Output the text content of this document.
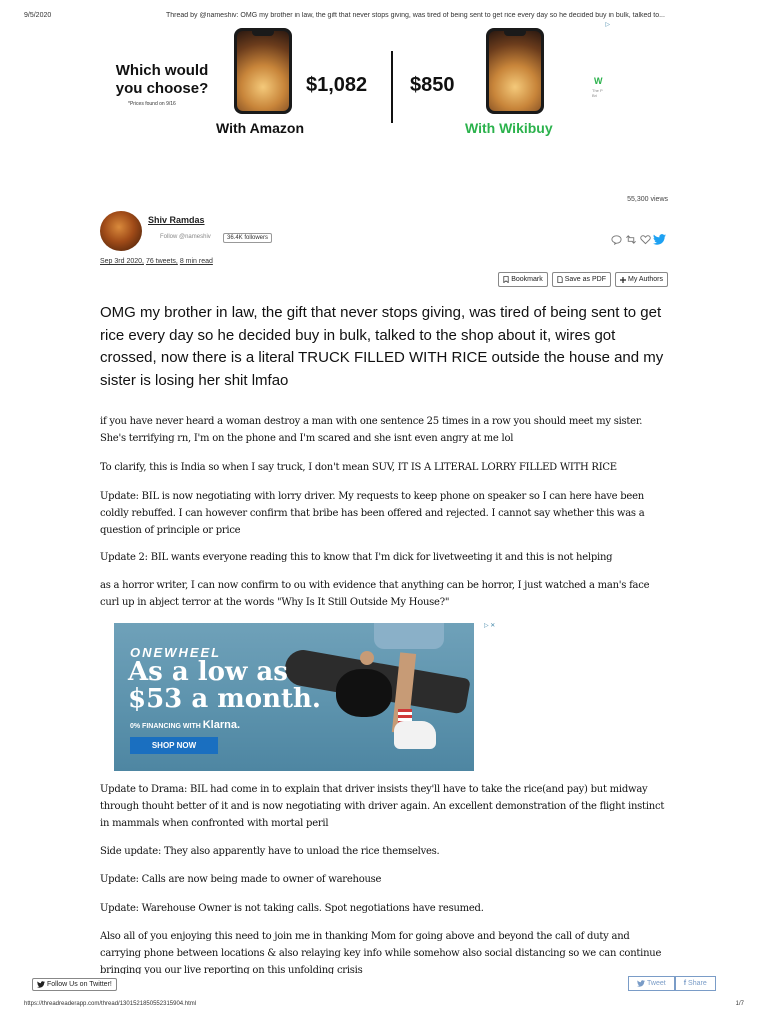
9/5/2020	Thread by @nameshiv: OMG my brother in law, the gift that never stops giving, was tired of being sent to get rice every day so he decided buy in bulk, talked to...
Which would you choose?
*Prices found on 9/16
$1,082 $850
With Amazon	With Wikibuy
W
The P Bri
▷
55,300 views
Shiv Ramdas
Follow @nameshiv	36.4K followers
Sep 3rd 2020, 76 tweets, 8 min read
Bookmark	Save as PDF	My Authors
OMG my brother in law, the gift that never stops giving, was tired of being sent to get rice every day so he decided buy in bulk, talked to the shop about it, wires got crossed, now there is a literal TRUCK FILLED WITH RICE outside the house and my sister is losing her shit lmfao

if you have never heard a woman destroy a man with one sentence 25 times in a row you should meet my sister. She's terrifying rn, I'm on the phone and I'm scared and she isnt even angry at me lol

To clarify, this is India so when I say truck, I don't mean SUV, IT IS A LITERAL LORRY FILLED WITH RICE

Update: BIL is now negotiating with lorry driver. My requests to keep phone on speaker so I can here have been coldly rebuffed. I can however confirm that bribe has been offered and rejected. I cannot say whether this was a question of principle or price

Update 2: BIL wants everyone reading this to know that I'm dick for livetweeting it and this is not helping

as a horror writer, I can now confirm to ou with evidence that anything can be horror, I just watched a man's face curl up in abject terror at the words "Why Is It Still Outside My House?"

ONEWHEEL
As a low as
$53 a month.
0% FINANCING WITH Klarna.
SHOP NOW
▷ ✕

Update to Drama: BIL had come in to explain that driver insists they'll have to take the rice(and pay) but midway through thouht better of it and is now negotiating with driver again. An excellent demonstration of the flight instinct in mammals when confronted with mortal peril

Side update: They also apparently have to unload the rice themselves.

Update: Calls are now being made to owner of warehouse

Update: Warehouse Owner is not taking calls. Spot negotiations have resumed.

Also all of you enjoying this need to join me in thanking Mom for going above and beyond the call of duty and carrying phone between locations & also relaying key info while somehow also social distancing so we can continue bringing you our live reporting on this unfolding crisis

Follow Us on Twitter!	Tweet	f Share
https://threadreaderapp.com/thread/1301521850552315904.html	1/7
